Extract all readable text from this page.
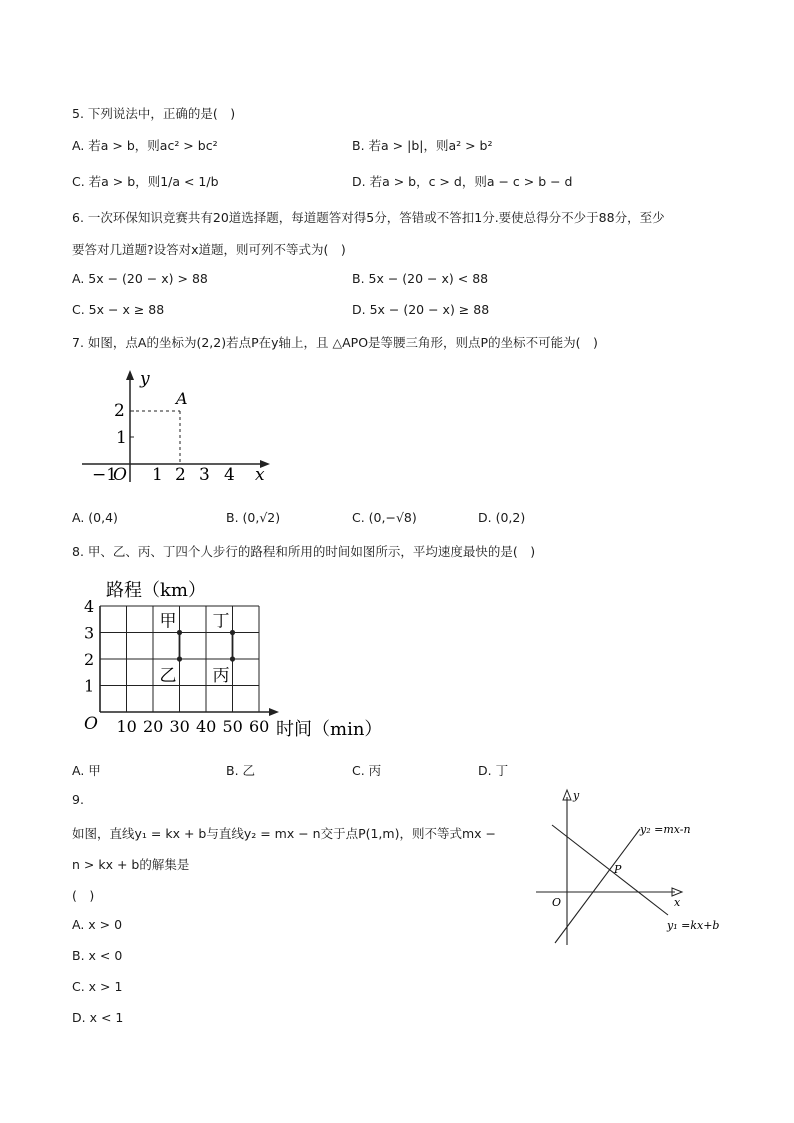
5. 下列说法中，正确的是(　)
A. 若a > b，则ac² > bc²	B. 若a > |b|，则a² > b²
C. 若a > b，则1/a < 1/b	D. 若a > b，c > d，则a − c > b − d
6. 一次环保知识竞赛共有20道选择题，每道题答对得5分，答错或不答扣1分.要使总得分不少于88分，至少
要答对几道题?设答对x道题，则可列不等式为(　)
A. 5x − (20 − x) > 88	B. 5x − (20 − x) < 88
C. 5x − x ≥ 88	D. 5x − (20 − x) ≥ 88
7. 如图，点A的坐标为(2,2)若点P在y轴上，且 △APO是等腰三角形，则点P的坐标不可能为(　)
y
2
1
A
−1
O 1 2 3 4 x
A. (0,4)	B. (0,√2)	C. (0,−√8)	D. (0,2)
8. 甲、乙、丙、丁四个人步行的路程和所用的时间如图所示，平均速度最快的是(　)
路程（km）
时间（min）
O 10 20 30 40 50 60
1
2
3
4
甲
乙 丙
丁
A. 甲	B. 乙	C. 丙	D. 丁
9.
如图，直线y₁ = kx + b与直线y₂ = mx − n交于点P(1,m)，则不等式mx −
n > kx + b的解集是
(　)
A. x > 0
B. x < 0
C. x > 1
D. x < 1
y
x
O
P
y₂ =mx-n
y₁ =kx+b
